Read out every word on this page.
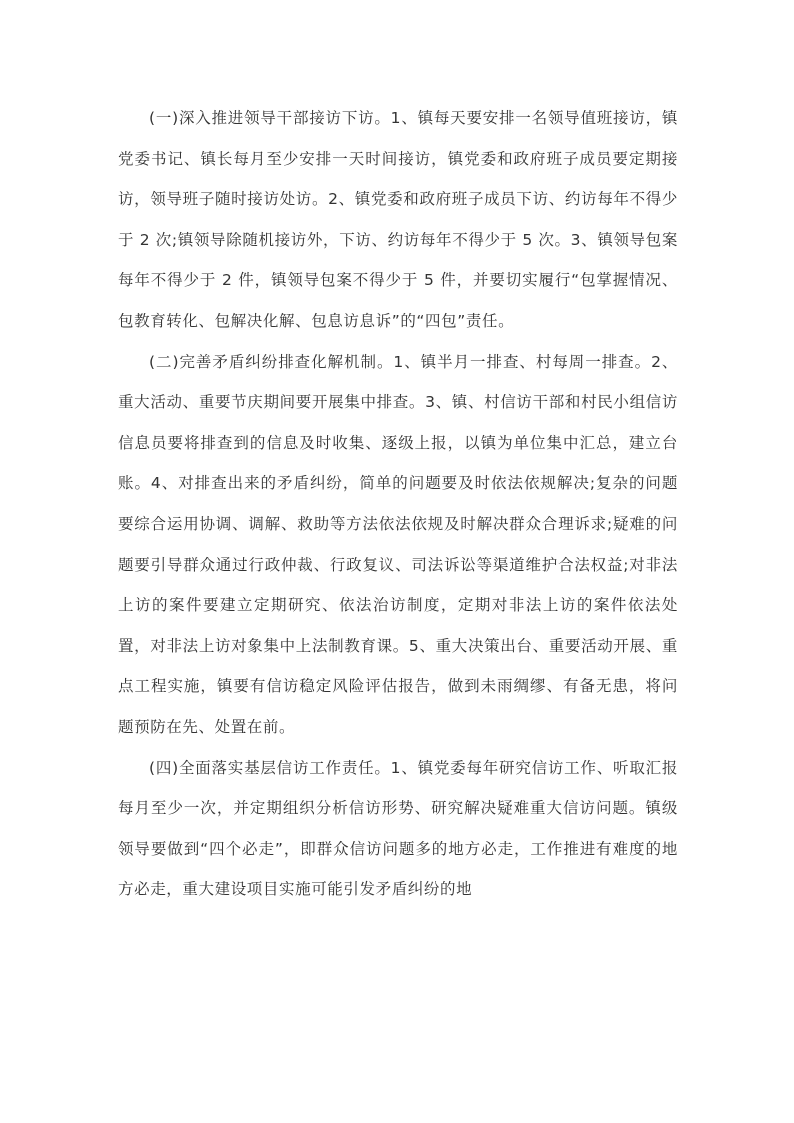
(一)深入推进领导干部接访下访。1、镇每天要安排一名领导值班接访，镇党委书记、镇长每月至少安排一天时间接访，镇党委和政府班子成员要定期接访，领导班子随时接访处访。2、镇党委和政府班子成员下访、约访每年不得少于 2 次;镇领导除随机接访外，下访、约访每年不得少于 5 次。3、镇领导包案每年不得少于 2 件，镇领导包案不得少于 5 件，并要切实履行“包掌握情况、包教育转化、包解决化解、包息访息诉”的“四包”责任。

(二)完善矛盾纠纷排查化解机制。1、镇半月一排查、村每周一排查。2、重大活动、重要节庆期间要开展集中排查。3、镇、村信访干部和村民小组信访信息员要将排查到的信息及时收集、逐级上报，以镇为单位集中汇总，建立台账。4、对排查出来的矛盾纠纷，简单的问题要及时依法依规解决;复杂的问题要综合运用协调、调解、救助等方法依法依规及时解决群众合理诉求;疑难的问题要引导群众通过行政仲裁、行政复议、司法诉讼等渠道维护合法权益;对非法上访的案件要建立定期研究、依法治访制度，定期对非法上访的案件依法处置，对非法上访对象集中上法制教育课。5、重大决策出台、重要活动开展、重点工程实施，镇要有信访稳定风险评估报告，做到未雨绸缪、有备无患，将问题预防在先、处置在前。

(四)全面落实基层信访工作责任。1、镇党委每年研究信访工作、听取汇报每月至少一次，并定期组织分析信访形势、研究解决疑难重大信访问题。镇级领导要做到“四个必走”，即群众信访问题多的地方必走，工作推进有难度的地方必走，重大建设项目实施可能引发矛盾纠纷的地
